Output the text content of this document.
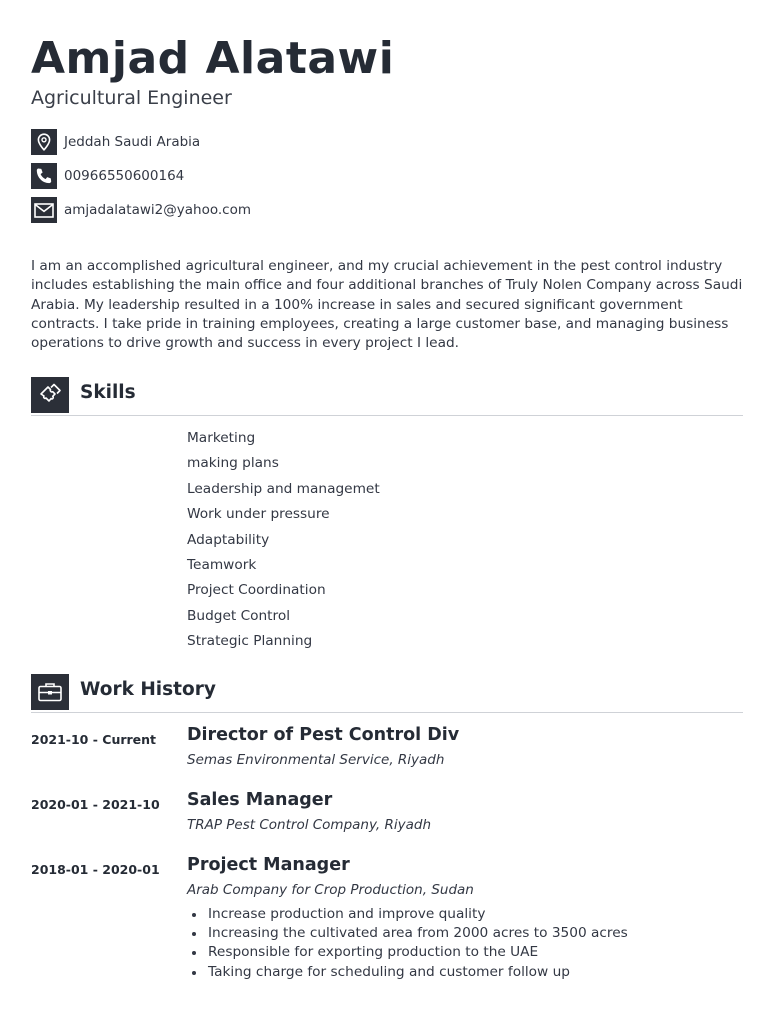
Amjad Alatawi
Agricultural Engineer
Jeddah Saudi Arabia
00966550600164
amjadalatawi2@yahoo.com
I am an accomplished agricultural engineer, and my crucial achievement in the pest control industry includes establishing the main office and four additional branches of Truly Nolen Company across Saudi Arabia. My leadership resulted in a 100% increase in sales and secured significant government contracts. I take pride in training employees, creating a large customer base, and managing business operations to drive growth and success in every project I lead.
Skills
Marketing
making plans
Leadership and managemet
Work under pressure
Adaptability
Teamwork
Project Coordination
Budget Control
Strategic Planning
Work History
2021-10 - Current Director of Pest Control Div
Semas Environmental Service, Riyadh
2020-01 - 2021-10 Sales Manager
TRAP Pest Control Company, Riyadh
2018-01 - 2020-01 Project Manager
Arab Company for Crop Production, Sudan
Increase production and improve quality
Increasing the cultivated area from 2000 acres to 3500 acres
Responsible for exporting production to the UAE
Taking charge for scheduling and customer follow up
